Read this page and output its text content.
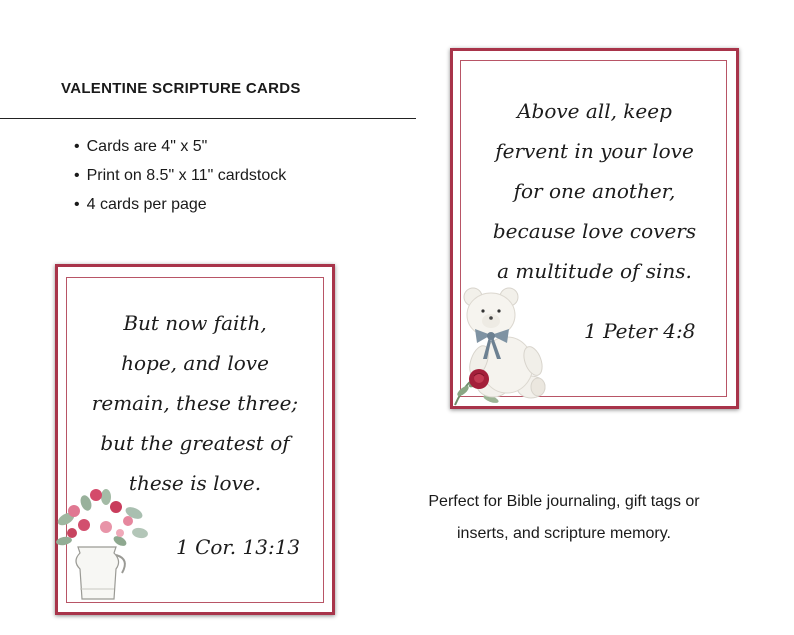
VALENTINE SCRIPTURE CARDS
• Cards are 4" x 5"
• Print on 8.5" x 11" cardstock
• 4 cards per page

Above all, keep
fervent in your love
for one another,
because love covers
a multitude of sins.

1 Peter 4:8

But now faith,
hope, and love
remain, these three;
but the greatest of
these is love.

1 Cor. 13:13
Perfect for Bible journaling, gift tags or
inserts, and scripture memory.
